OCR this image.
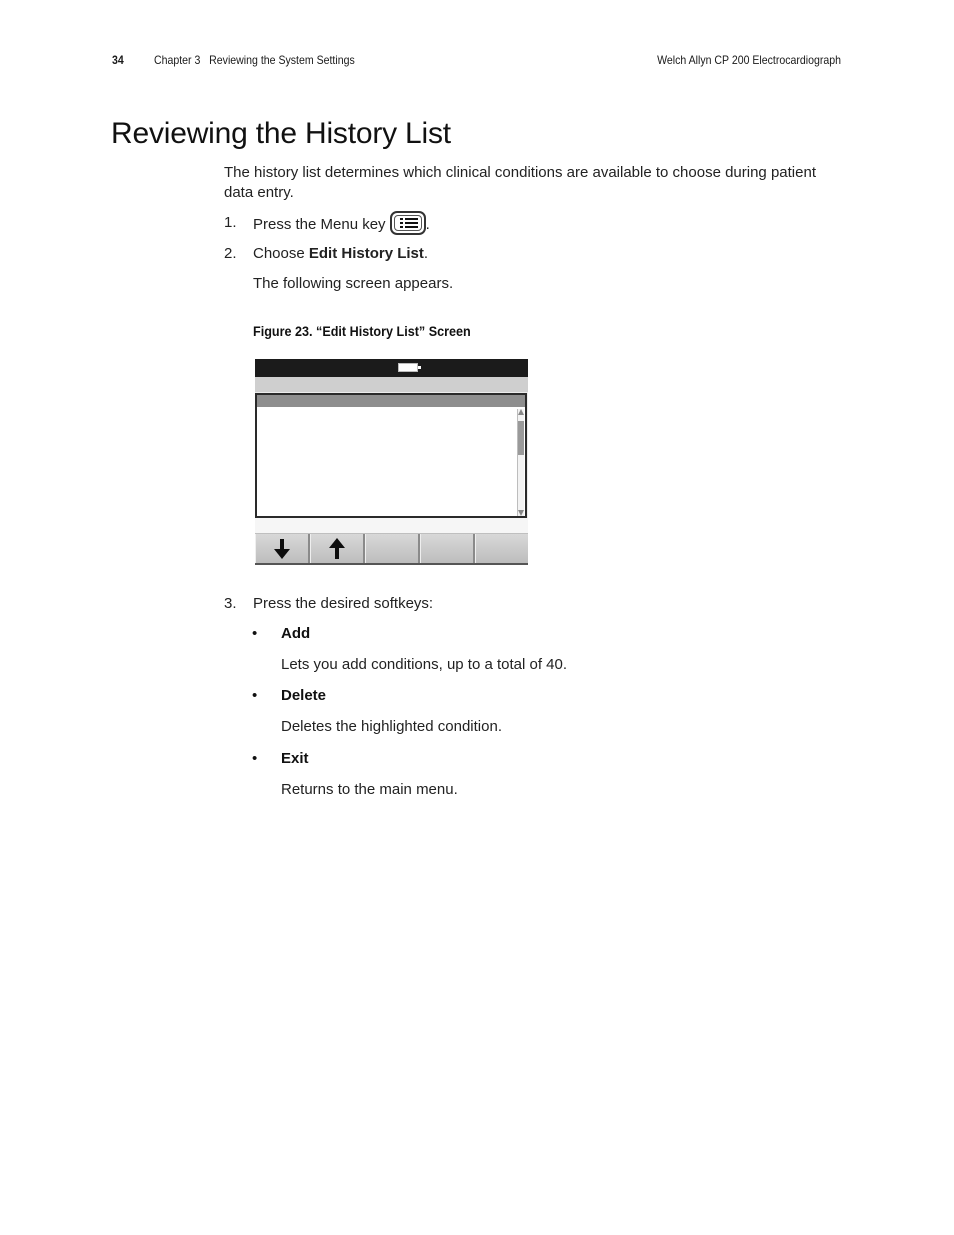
34	Chapter 3   Reviewing the System Settings	Welch Allyn CP 200 Electrocardiograph
Reviewing the History List
The history list determines which clinical conditions are available to choose during patient data entry.
1. Press the Menu key	.
2. Choose Edit History List.
The following screen appears.
Figure 23. “Edit History List” Screen
3. Press the desired softkeys:
• Add
Lets you add conditions, up to a total of 40.
• Delete
Deletes the highlighted condition.
• Exit
Returns to the main menu.
